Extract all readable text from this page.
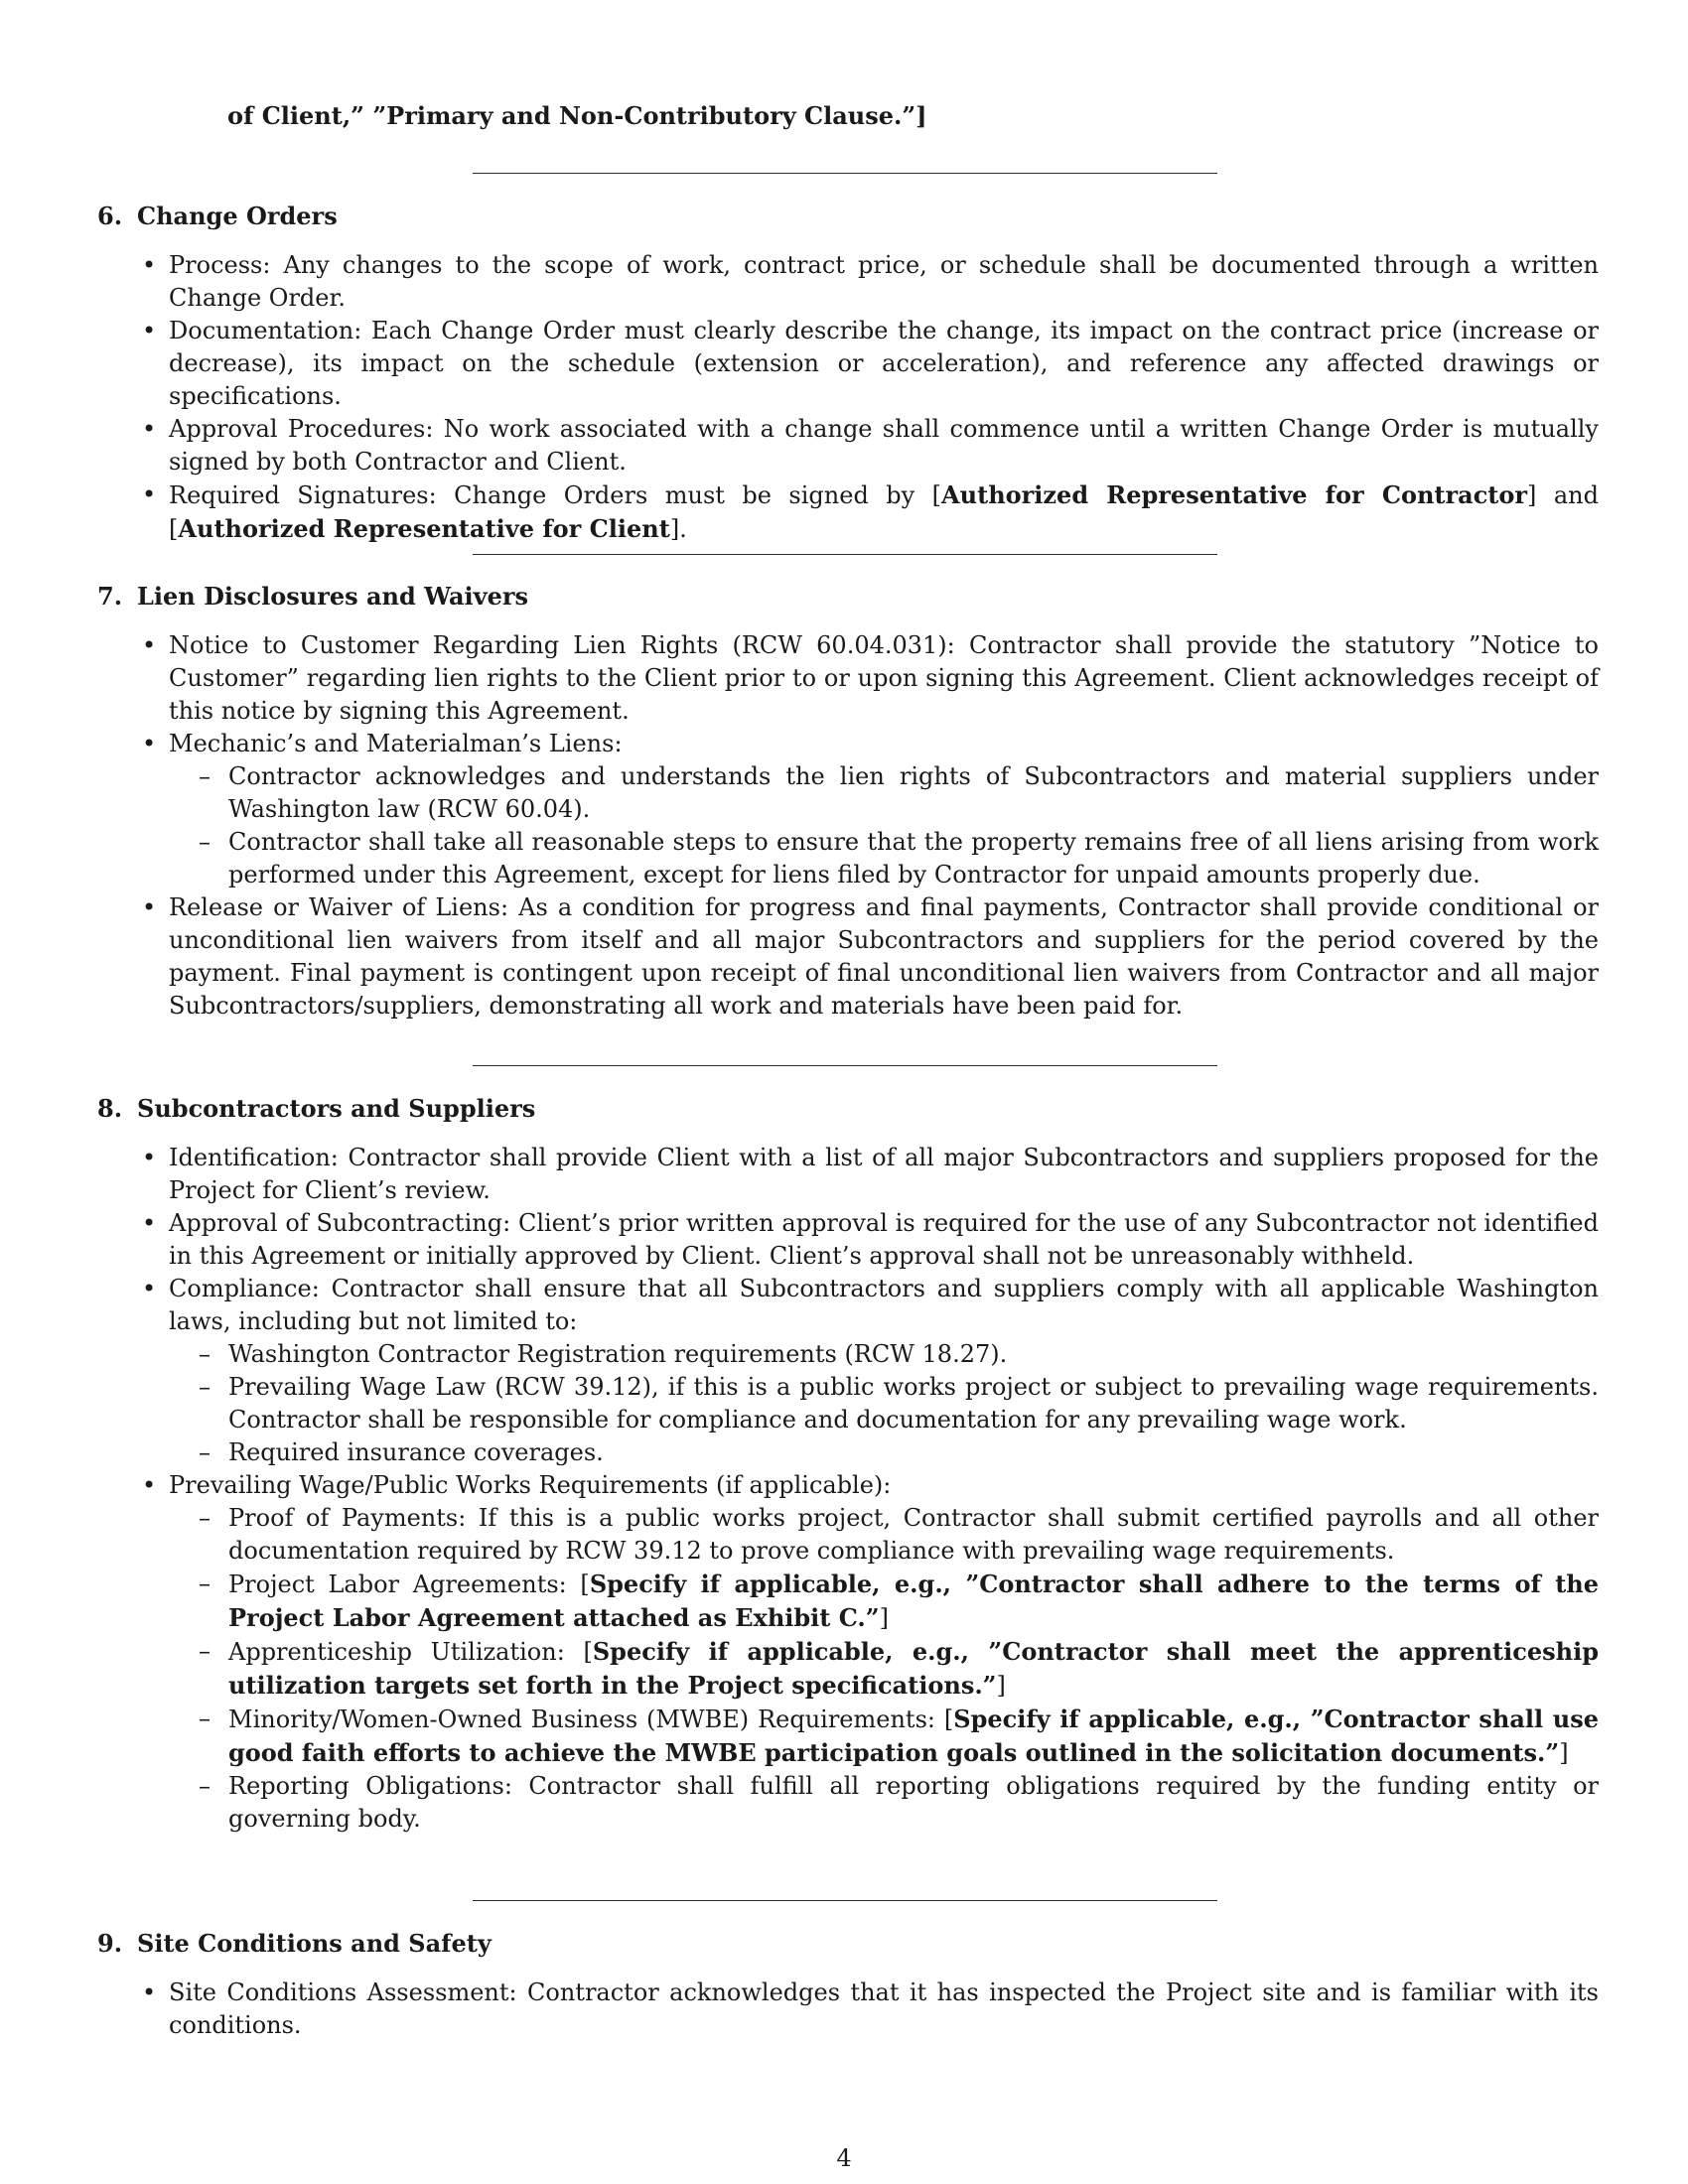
of Client,” ”Primary and Non-Contributory Clause.”]

6. Change Orders
• Process: Any changes to the scope of work, contract price, or schedule shall be documented through a written Change Order.
• Documentation: Each Change Order must clearly describe the change, its impact on the contract price (increase or decrease), its impact on the schedule (extension or acceleration), and reference any affected drawings or specifications.
• Approval Procedures: No work associated with a change shall commence until a written Change Order is mutually signed by both Contractor and Client.
• Required Signatures: Change Orders must be signed by [Authorized Representative for Contractor] and [Authorized Representative for Client].
7. Lien Disclosures and Waivers
• Notice to Customer Regarding Lien Rights (RCW 60.04.031): Contractor shall provide the statutory ”Notice to Customer” regarding lien rights to the Client prior to or upon signing this Agreement. Client acknowledges receipt of this notice by signing this Agreement.
• Mechanic’s and Materialman’s Liens:
– Contractor acknowledges and understands the lien rights of Subcontractors and material suppliers under Washington law (RCW 60.04).
– Contractor shall take all reasonable steps to ensure that the property remains free of all liens arising from work performed under this Agreement, except for liens filed by Contractor for unpaid amounts properly due.
• Release or Waiver of Liens: As a condition for progress and final payments, Contractor shall provide conditional or unconditional lien waivers from itself and all major Subcontractors and suppliers for the period covered by the payment. Final payment is contingent upon receipt of final unconditional lien waivers from Contractor and all major Subcontractors/suppliers, demonstrating all work and materials have been paid for.
8. Subcontractors and Suppliers
• Identification: Contractor shall provide Client with a list of all major Subcontractors and suppliers proposed for the Project for Client’s review.
• Approval of Subcontracting: Client’s prior written approval is required for the use of any Subcontractor not identified in this Agreement or initially approved by Client. Client’s approval shall not be unreasonably withheld.
• Compliance: Contractor shall ensure that all Subcontractors and suppliers comply with all applicable Washington laws, including but not limited to:
– Washington Contractor Registration requirements (RCW 18.27).
– Prevailing Wage Law (RCW 39.12), if this is a public works project or subject to prevailing wage requirements. Contractor shall be responsible for compliance and documentation for any prevailing wage work.
– Required insurance coverages.
• Prevailing Wage/Public Works Requirements (if applicable):
– Proof of Payments: If this is a public works project, Contractor shall submit certified payrolls and all other documentation required by RCW 39.12 to prove compliance with prevailing wage requirements.
– Project Labor Agreements: [Specify if applicable, e.g., ”Contractor shall adhere to the terms of the Project Labor Agreement attached as Exhibit C.”]
– Apprenticeship Utilization: [Specify if applicable, e.g., ”Contractor shall meet the apprenticeship utilization targets set forth in the Project specifications.”]
– Minority/Women-Owned Business (MWBE) Requirements: [Specify if applicable, e.g., ”Contractor shall use good faith efforts to achieve the MWBE participation goals outlined in the solicitation documents.”]
– Reporting Obligations: Contractor shall fulfill all reporting obligations required by the funding entity or governing body.
9. Site Conditions and Safety
• Site Conditions Assessment: Contractor acknowledges that it has inspected the Project site and is familiar with its conditions.
4
